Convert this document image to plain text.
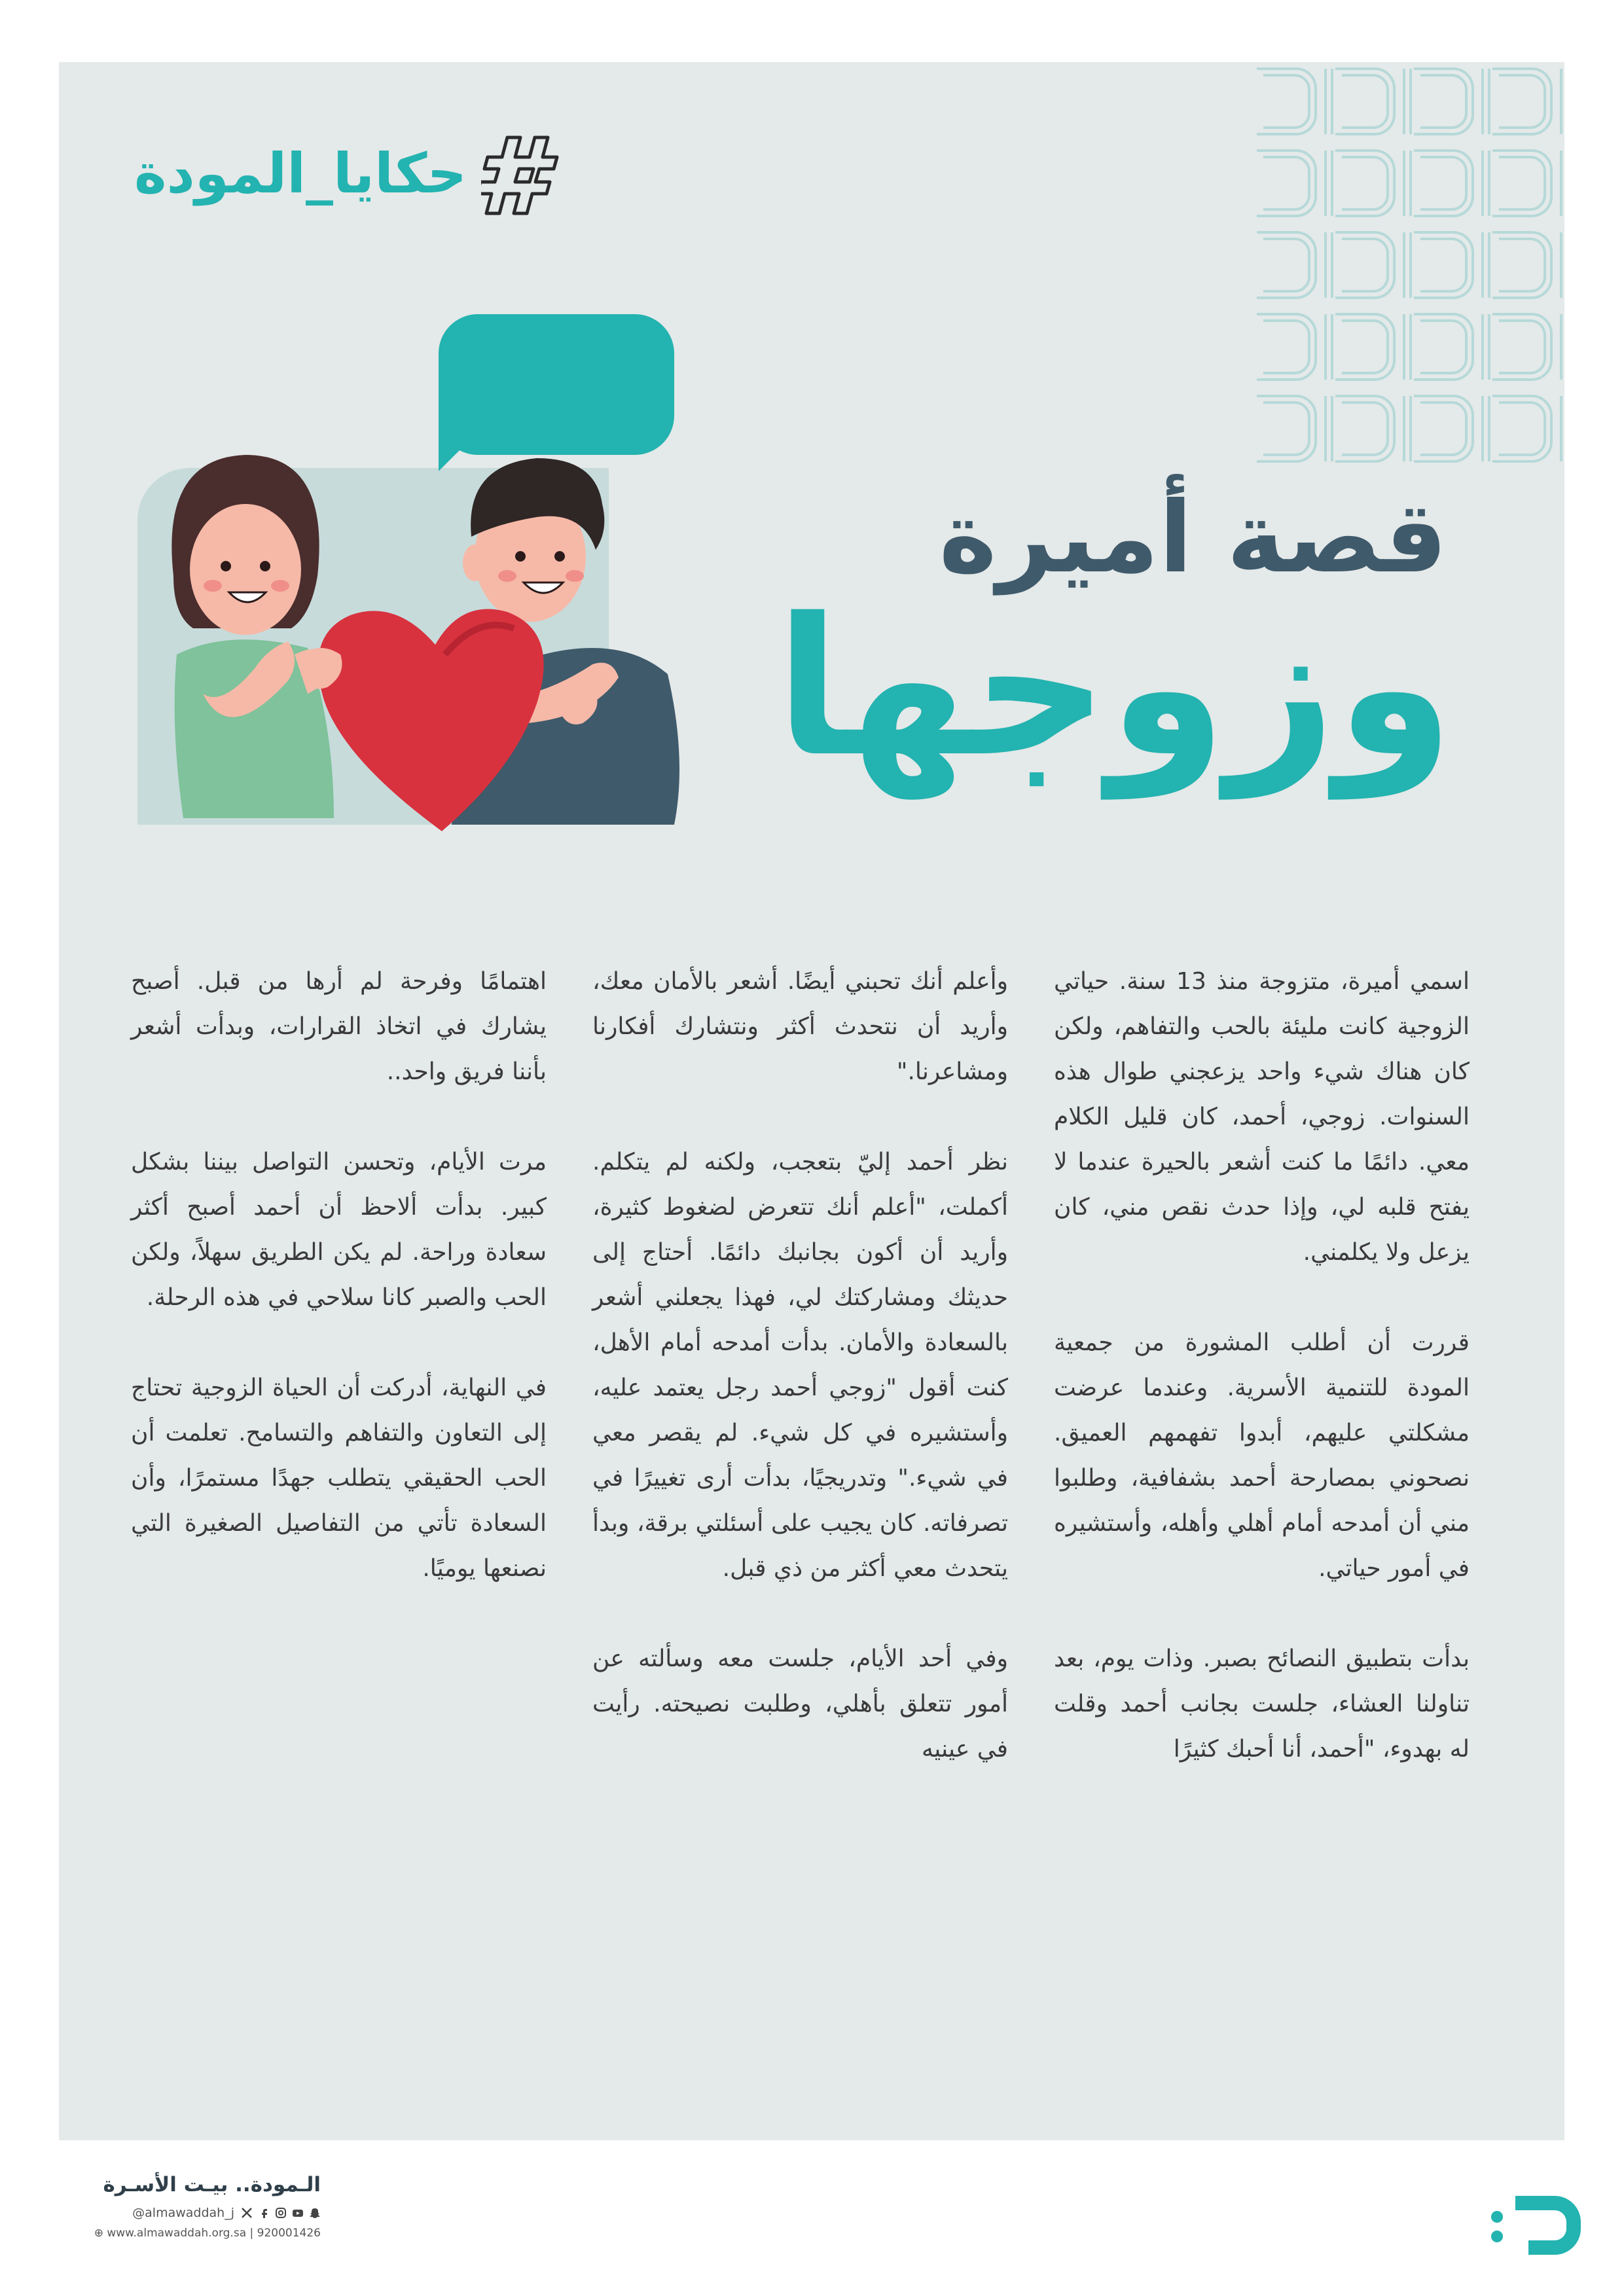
حكايا_المودة
قصة أميرة
وزوجها

اسمي أميرة، متزوجة منذ 13 سنة. حياتي الزوجية كانت مليئة بالحب والتفاهم، ولكن كان هناك شيء واحد يزعجني طوال هذه السنوات. زوجي، أحمد، كان قليل الكلام معي. دائمًا ما كنت أشعر بالحيرة عندما لا يفتح قلبه لي، وإذا حدث نقص مني، كان يزعل ولا يكلمني.

قررت أن أطلب المشورة من جمعية المودة للتنمية الأسرية. وعندما عرضت مشكلتي عليهم، أبدوا تفهمهم العميق. نصحوني بمصارحة أحمد بشفافية، وطلبوا مني أن أمدحه أمام أهلي وأهله، وأستشيره في أمور حياتي.

بدأت بتطبيق النصائح بصبر. وذات يوم، بعد تناولنا العشاء، جلست بجانب أحمد وقلت له بهدوء، "أحمد، أنا أحبك كثيرًا

وأعلم أنك تحبني أيضًا. أشعر بالأمان معك، وأريد أن نتحدث أكثر ونتشارك أفكارنا ومشاعرنا."

نظر أحمد إليّ بتعجب، ولكنه لم يتكلم. أكملت، "أعلم أنك تتعرض لضغوط كثيرة، وأريد أن أكون بجانبك دائمًا. أحتاج إلى حديثك ومشاركتك لي، فهذا يجعلني أشعر بالسعادة والأمان. بدأت أمدحه أمام الأهل، كنت أقول "زوجي أحمد رجل يعتمد عليه، وأستشيره في كل شيء. لم يقصر معي في شيء." وتدريجيًا، بدأت أرى تغييرًا في تصرفاته. كان يجيب على أسئلتي برقة، وبدأ يتحدث معي أكثر من ذي قبل.

وفي أحد الأيام، جلست معه وسألته عن أمور تتعلق بأهلي، وطلبت نصيحته. رأيت في عينيه

اهتمامًا وفرحة لم أرها من قبل. أصبح يشارك في اتخاذ القرارات، وبدأت أشعر بأننا فريق واحد..

مرت الأيام، وتحسن التواصل بيننا بشكل كبير. بدأت ألاحظ أن أحمد أصبح أكثر سعادة وراحة. لم يكن الطريق سهلاً، ولكن الحب والصبر كانا سلاحي في هذه الرحلة.

في النهاية، أدركت أن الحياة الزوجية تحتاج إلى التعاون والتفاهم والتسامح. تعلمت أن الحب الحقيقي يتطلب جهدًا مستمرًا، وأن السعادة تأتي من التفاصيل الصغيرة التي نصنعها يوميًا.

الـمودة.. بيـت الأسـرة
@almawaddah_j
⊕ www.almawaddah.org.sa | 920001426
